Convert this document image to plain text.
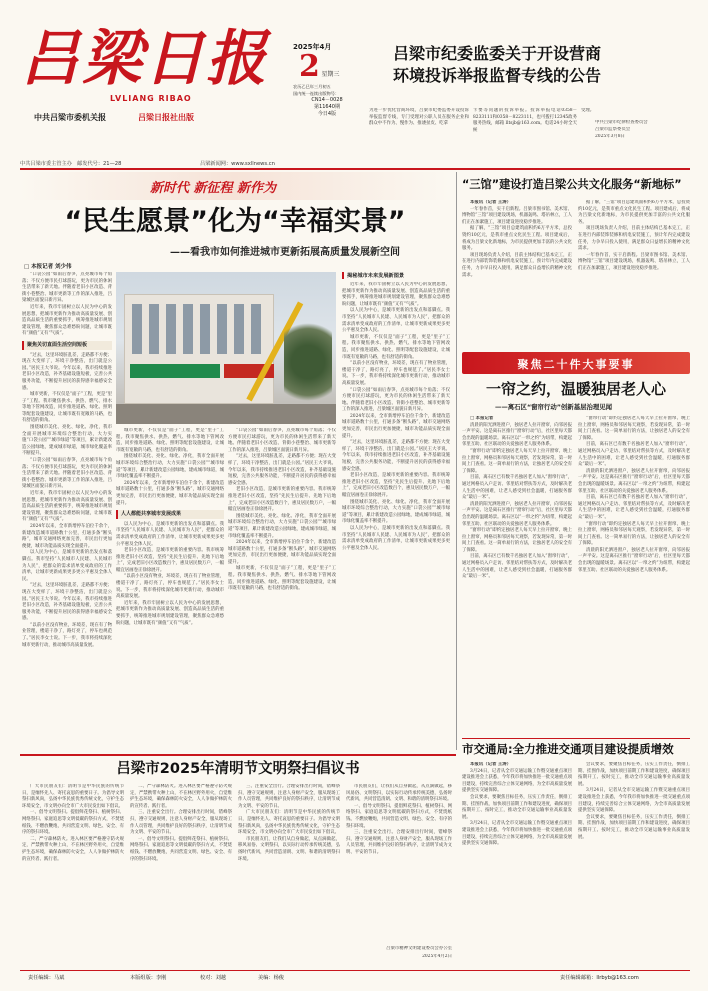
吕梁日报
LVLIANG RIBAO
中共吕梁市委机关报	吕梁日报社出版
2025年4月
2 星期三
农历乙巳年三月初五
国内统一连续出版物号：
CN14－0028
第11640期
今日4版
吕梁市纪委监委关于开设营商
环境投诉举报监督专线的公告
为进一步优化营商环境，吕梁市纪委监委开设投诉举报监督专线，专门受理对公职人员在服务企业和群众中不作为、慢作为、推诿扯皮、吃拿
卡要等问题的投诉举报。投诉举报电话0358－8233111和0358－8223111，也可拨打12345政务服务热线，邮箱 lltsjb@163.com。电话24小时全天候
受理。
中共吕梁市纪律检查委员会
吕梁市监察委员会
2025年3月8日
中共吕梁市委主管主办　邮发代号：21—28	吕梁新闻网：www.sxllnews.cn
新时代 新征程 新作为
“民生愿景”化为“幸福实景”
——看我市如何推进城市更新拓展高质量发展新空间
□ 本报记者 刘少伟

“口袋公园”如雨后春笋，点亮城市每个角落；不仅方便市民打球游玩，更为市民的休闲生活带来了新天地。伴随着老旧小区改造、背街小巷整治、城市更新等工作的深入推进，吕梁城区面貌日新月异。

近年来，我市牢固树立以人民为中心的发展思想，把城市更新作为推动高质量发展、创造高品质生活的重要抓手，统筹推进城市规划建设管理，聚焦群众急难愁盼问题，让城市既有“颜值”又有“气质”。

聚焦关切直面生活空间短板

“过去，这里环境脏乱差，走路都不方便；现在大变样了，环境干净整洁，出门就是公园。”居民王大爷说。今年以来，我市持续推进老旧小区改造，补齐基础设施短板，完善公共服务功能，不断提升居民的获得感幸福感安全感。

城市更新，不仅仅是“面子”工程，更是“里子”工程。我市聚焦供水、供热、燃气、排水等地下管网改造，同步推进道路、绿化、照明等配套设施建设，让城市既有宽敞的马路，也有舒适的街角。

围绕城市美化、亮化、绿化、净化，我市全面开展城市环境综合整治行动，大力实施“口袋公园”“城市绿道”等项目，累计新建改造公园绿地，建成城市绿道，城市绿化覆盖率不断提升。

“口袋公园”如雨后春笋，点亮城市每个角落；不仅方便市民打球游玩，更为市民的休闲生活带来了新天地。伴随着老旧小区改造、背街小巷整治、城市更新等工作的深入推进，吕梁城区面貌日新月异。

近年来，我市牢固树立以人民为中心的发展思想，把城市更新作为推动高质量发展、创造高品质生活的重要抓手，统筹推进城市规划建设管理，聚焦群众急难愁盼问题，让城市既有“颜值”又有“气质”。

2024年以来，全市新增停车泊位千余个，新建改造城市道路数十公里，打通多条“断头路”，城市交通网络更加完善，市民出行更加便捷，城市功能品质实现全面提升。

以人民为中心，是城市更新的出发点和落脚点。我市坚持“人民城市人民建、人民城市为人民”，把群众的需求清单变成政府的工作清单，让城市更新成果更多更公平惠及全体人民。

“过去，这里环境脏乱差，走路都不方便；现在大变样了，环境干净整洁，出门就是公园。”居民王大爷说。今年以来，我市持续推进老旧小区改造，补齐基础设施短板，完善公共服务功能，不断提升居民的获得感幸福感安全感。

“以前小区没有物业，环境差，现在有了物业管理，楼道干净了，路灯亮了，停车也规范了。”居民李女士说。下一步，我市将持续深化城市更新行动，推动城市高质量发展。

城市更新，不仅仅是“面子”工程，更是“里子”工程。我市聚焦供水、供热、燃气、排水等地下管网改造，同步推进道路、绿化、照明等配套设施建设，让城市既有宽敞的马路，也有舒适的街角。

围绕城市美化、亮化、绿化、净化，我市全面开展城市环境综合整治行动，大力实施“口袋公园”“城市绿道”等项目，累计新建改造公园绿地，建成城市绿道，城市绿化覆盖率不断提升。

2024年以来，全市新增停车泊位千余个，新建改造城市道路数十公里，打通多条“断头路”，城市交通网络更加完善，市民出行更加便捷，城市功能品质实现全面提升。

人人都能共享城市发展成果

以人民为中心，是城市更新的出发点和落脚点。我市坚持“人民城市人民建、人民城市为人民”，把群众的需求清单变成政府的工作清单，让城市更新成果更多更公平惠及全体人民。

老旧小区改造，是城市更新的重要内容。我市统筹推进老旧小区改造，坚持“先民生后提升、先地下后地上”，完成老旧小区改造数百个，惠及居民数万户，一幅幅宜居画卷正徐徐展开。

“以前小区没有物业，环境差，现在有了物业管理，楼道干净了，路灯亮了，停车也规范了。”居民李女士说。下一步，我市将持续深化城市更新行动，推动城市高质量发展。

近年来，我市牢固树立以人民为中心的发展思想，把城市更新作为推动高质量发展、创造高品质生活的重要抓手，统筹推进城市规划建设管理，聚焦群众急难愁盼问题，让城市既有“颜值”又有“气质”。

“口袋公园”如雨后春笋，点亮城市每个角落；不仅方便市民打球游玩，更为市民的休闲生活带来了新天地。伴随着老旧小区改造、背街小巷整治、城市更新等工作的深入推进，吕梁城区面貌日新月异。

“过去，这里环境脏乱差，走路都不方便；现在大变样了，环境干净整洁，出门就是公园。”居民王大爷说。今年以来，我市持续推进老旧小区改造，补齐基础设施短板，完善公共服务功能，不断提升居民的获得感幸福感安全感。

老旧小区改造，是城市更新的重要内容。我市统筹推进老旧小区改造，坚持“先民生后提升、先地下后地上”，完成老旧小区改造数百个，惠及居民数万户，一幅幅宜居画卷正徐徐展开。

围绕城市美化、亮化、绿化、净化，我市全面开展城市环境综合整治行动，大力实施“口袋公园”“城市绿道”等项目，累计新建改造公园绿地，建成城市绿道，城市绿化覆盖率不断提升。

2024年以来，全市新增停车泊位千余个，新建改造城市道路数十公里，打通多条“断头路”，城市交通网络更加完善，市民出行更加便捷，城市功能品质实现全面提升。

城市更新，不仅仅是“面子”工程，更是“里子”工程。我市聚焦供水、供热、燃气、排水等地下管网改造，同步推进道路、绿化、照明等配套设施建设，让城市既有宽敞的马路，也有舒适的街角。

揭秘城市未来发展新图景

近年来，我市牢固树立以人民为中心的发展思想，把城市更新作为推动高质量发展、创造高品质生活的重要抓手，统筹推进城市规划建设管理，聚焦群众急难愁盼问题，让城市既有“颜值”又有“气质”。

以人民为中心，是城市更新的出发点和落脚点。我市坚持“人民城市人民建、人民城市为人民”，把群众的需求清单变成政府的工作清单，让城市更新成果更多更公平惠及全体人民。

城市更新，不仅仅是“面子”工程，更是“里子”工程。我市聚焦供水、供热、燃气、排水等地下管网改造，同步推进道路、绿化、照明等配套设施建设，让城市既有宽敞的马路，也有舒适的街角。

“以前小区没有物业，环境差，现在有了物业管理，楼道干净了，路灯亮了，停车也规范了。”居民李女士说。下一步，我市将持续深化城市更新行动，推动城市高质量发展。

“口袋公园”如雨后春笋，点亮城市每个角落；不仅方便市民打球游玩，更为市民的休闲生活带来了新天地。伴随着老旧小区改造、背街小巷整治、城市更新等工作的深入推进，吕梁城区面貌日新月异。

2024年以来，全市新增停车泊位千余个，新建改造城市道路数十公里，打通多条“断头路”，城市交通网络更加完善，市民出行更加便捷，城市功能品质实现全面提升。

“过去，这里环境脏乱差，走路都不方便；现在大变样了，环境干净整洁，出门就是公园。”居民王大爷说。今年以来，我市持续推进老旧小区改造，补齐基础设施短板，完善公共服务功能，不断提升居民的获得感幸福感安全感。

老旧小区改造，是城市更新的重要内容。我市统筹推进老旧小区改造，坚持“先民生后提升、先地下后地上”，完成老旧小区改造数百个，惠及居民数万户，一幅幅宜居画卷正徐徐展开。

围绕城市美化、亮化、绿化、净化，我市全面开展城市环境综合整治行动，大力实施“口袋公园”“城市绿道”等项目，累计新建改造公园绿地，建成城市绿道，城市绿化覆盖率不断提升。

以人民为中心，是城市更新的出发点和落脚点。我市坚持“人民城市人民建、人民城市为人民”，把群众的需求清单变成政府的工作清单，让城市更新成果更多更公平惠及全体人民。

“三馆”建设打造吕梁公共文化服务“新地标”

本报讯（记者 王涛）

一年春作首，实干启新程。吕梁市图书馆、美术馆、博物馆“三馆”项目建设现场，机器轰鸣、塔吊林立，工人们正在加紧施工，项目建设进度稳步推进。

据了解，“三馆”项目总建筑面积约6万平方米，总投资约10亿元，是我市重点文化民生工程。项目建成后，将成为吕梁文化新地标，为市民提供更加丰富的公共文化服务。

项目现场负责人介绍，目前主体结构已基本完工，正在进行内部装饰装修和机电安装施工，预计年内完成建设任务，力争早日投入使用，满足群众日益增长的精神文化需求。

据了解，“三馆”项目总建筑面积约6万平方米，总投资约10亿元，是我市重点文化民生工程。项目建成后，将成为吕梁文化新地标，为市民提供更加丰富的公共文化服务。

项目现场负责人介绍，目前主体结构已基本完工，正在进行内部装饰装修和机电安装施工，预计年内完成建设任务，力争早日投入使用，满足群众日益增长的精神文化需求。

一年春作首，实干启新程。吕梁市图书馆、美术馆、博物馆“三馆”项目建设现场，机器轰鸣、塔吊林立，工人们正在加紧施工，项目建设进度稳步推进。

聚焦二十件大事要事
一帘之约，温暖独居老人心
——离石区“窗帘行动”创新基层治理见闻

□ 本报记者

清晨的阳光洒进窗户，独居老人拉开窗帘，向邻居报一声平安。这是离石区推行“窗帘行动”后，社区里每天都会出现的温暖场景。离石区以“一帘之约”为纽带，构建起邻里互助、社区联动的关爱独居老人服务体系。

“窗帘行动”即约定独居老人每天早上拉开窗帘、晚上拉上窗帘，网格员和邻居每天观察，若发现异常，第一时间上门查看。这一简单易行的方法，让独居老人的安全有了保障。

目前，离石区已有数千名独居老人加入“窗帘行动”，通过网格员入户走访、邻里结对帮扶等方式，及时解决老人生活中的困难，让老人感受到社会温暖，打通服务群众“最后一米”。

清晨的阳光洒进窗户，独居老人拉开窗帘，向邻居报一声平安。这是离石区推行“窗帘行动”后，社区里每天都会出现的温暖场景。离石区以“一帘之约”为纽带，构建起邻里互助、社区联动的关爱独居老人服务体系。

“窗帘行动”即约定独居老人每天早上拉开窗帘、晚上拉上窗帘，网格员和邻居每天观察，若发现异常，第一时间上门查看。这一简单易行的方法，让独居老人的安全有了保障。

目前，离石区已有数千名独居老人加入“窗帘行动”，通过网格员入户走访、邻里结对帮扶等方式，及时解决老人生活中的困难，让老人感受到社会温暖，打通服务群众“最后一米”。

“窗帘行动”即约定独居老人每天早上拉开窗帘、晚上拉上窗帘，网格员和邻居每天观察，若发现异常，第一时间上门查看。这一简单易行的方法，让独居老人的安全有了保障。

目前，离石区已有数千名独居老人加入“窗帘行动”，通过网格员入户走访、邻里结对帮扶等方式，及时解决老人生活中的困难，让老人感受到社会温暖，打通服务群众“最后一米”。

清晨的阳光洒进窗户，独居老人拉开窗帘，向邻居报一声平安。这是离石区推行“窗帘行动”后，社区里每天都会出现的温暖场景。离石区以“一帘之约”为纽带，构建起邻里互助、社区联动的关爱独居老人服务体系。

目前，离石区已有数千名独居老人加入“窗帘行动”，通过网格员入户走访、邻里结对帮扶等方式，及时解决老人生活中的困难，让老人感受到社会温暖，打通服务群众“最后一米”。

“窗帘行动”即约定独居老人每天早上拉开窗帘、晚上拉上窗帘，网格员和邻居每天观察，若发现异常，第一时间上门查看。这一简单易行的方法，让独居老人的安全有了保障。

清晨的阳光洒进窗户，独居老人拉开窗帘，向邻居报一声平安。这是离石区推行“窗帘行动”后，社区里每天都会出现的温暖场景。离石区以“一帘之约”为纽带，构建起邻里互助、社区联动的关爱独居老人服务体系。

市交通局:全力推进交通项目建设提质增效

本报讯（记者 王涛）

3月24日，记者从全市交通运输工作暨交通重点项目建设推进会上获悉，今年我市将加快推进一批交通重点项目建设，持续完善综合立体交通网络，为全市高质量发展提供坚实交通保障。

会议要求，要聚焦目标任务，压实工作责任，倒排工期、挂图作战，加快项目前期工作和建设进度，确保项目按期开工、按时完工，推动全市交通运输事业高质量发展。

3月24日，记者从全市交通运输工作暨交通重点项目建设推进会上获悉，今年我市将加快推进一批交通重点项目建设，持续完善综合立体交通网络，为全市高质量发展提供坚实交通保障。

会议要求，要聚焦目标任务，压实工作责任，倒排工期、挂图作战，加快项目前期工作和建设进度，确保项目按期开工、按时完工，推动全市交通运输事业高质量发展。

3月24日，记者从全市交通运输工作暨交通重点项目建设推进会上获悉，今年我市将加快推进一批交通重点项目建设，持续完善综合立体交通网络，为全市高质量发展提供坚实交通保障。

会议要求，要聚焦目标任务，压实工作责任，倒排工期、挂图作战，加快项目前期工作和建设进度，确保项目按期开工、按时完工，推动全市交通运输事业高质量发展。

吕梁市2025年清明节文明祭扫倡议书

广大市民朋友们：清明节是中华民族的传统节日，是缅怀先人、寄托哀思的重要日子。为倡导文明祭扫新风尚，弘扬中华民族优秀传统文化，守护生态环境安全，市文明办向全市广大市民发出如下倡议。

一、倡导文明祭扫。提倡鲜花祭扫、植树祭扫、网络祭扫、家庭追思等文明低碳的祭扫方式，不焚烧纸钱、不燃放鞭炮，共同营造文明、绿色、安全、有序的祭扫环境。

二、严守森林防火。进入林区要严格遵守防火规定，严禁携带火种上山，不在林区野外用火，自觉维护生态环境，确保森林防火安全，人人争做护林防火的宣传者、践行者。

二、严守森林防火。进入林区要严格遵守防火规定，严禁携带火种上山，不在林区野外用火，自觉维护生态环境，确保森林防火安全，人人争做护林防火的宣传者、践行者。

三、注重安全出行。合理安排出行时间，错峰祭扫，遵守交通规则，注意人身财产安全，服从现场工作人员管理，共同维护良好的祭扫秩序，让清明节成为文明、平安的节日。

一、倡导文明祭扫。提倡鲜花祭扫、植树祭扫、网络祭扫、家庭追思等文明低碳的祭扫方式，不焚烧纸钱、不燃放鞭炮，共同营造文明、绿色、安全、有序的祭扫环境。

三、注重安全出行。合理安排出行时间，错峰祭扫，遵守交通规则，注意人身财产安全，服从现场工作人员管理，共同维护良好的祭扫秩序，让清明节成为文明、平安的节日。

广大市民朋友们：清明节是中华民族的传统节日，是缅怀先人、寄托哀思的重要日子。为倡导文明祭扫新风尚，弘扬中华民族优秀传统文化，守护生态环境安全，市文明办向全市广大市民发出如下倡议。

市民朋友们，让我们从自身做起，从点滴做起，移风易俗、文明祭扫，以实际行动传承传统美德，弘扬时代新风，共同营造清朗、文明、和谐的清明祭扫环境。

市民朋友们，让我们从自身做起，从点滴做起，移风易俗、文明祭扫，以实际行动传承传统美德，弘扬时代新风，共同营造清朗、文明、和谐的清明祭扫环境。

一、倡导文明祭扫。提倡鲜花祭扫、植树祭扫、网络祭扫、家庭追思等文明低碳的祭扫方式，不焚烧纸钱、不燃放鞭炮，共同营造文明、绿色、安全、有序的祭扫环境。

三、注重安全出行。合理安排出行时间，错峰祭扫，遵守交通规则，注意人身财产安全，服从现场工作人员管理，共同维护良好的祭扫秩序，让清明节成为文明、平安的节日。

吕梁市精神文明建设委员会办公室
2025年4月2日
责任编辑：马斌	本版组版：李刚	校对：刘越	美编：杨俊	责任编辑邮箱：llrbyb@163.com
